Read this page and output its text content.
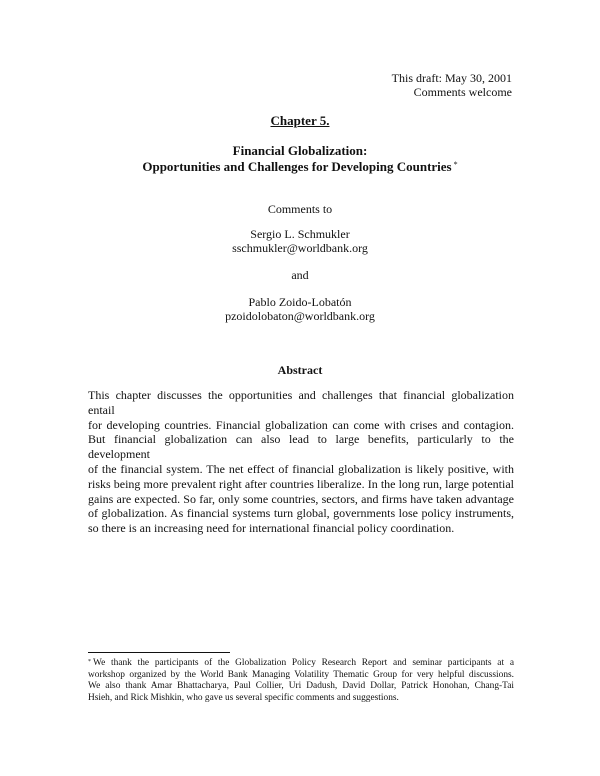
This draft: May 30, 2001
Comments welcome
Chapter 5.
Financial Globalization:
Opportunities and Challenges for Developing Countries *
Comments to
Sergio L. Schmukler
sschmukler@worldbank.org
and
Pablo Zoido-Lobatón
pzoidolobaton@worldbank.org
Abstract
This chapter discusses the opportunities and challenges that financial globalization entail
for developing countries. Financial globalization can come with crises and contagion.
But financial globalization can also lead to large benefits, particularly to the development
of the financial system. The net effect of financial globalization is likely positive, with
risks being more prevalent right after countries liberalize. In the long run, large potential
gains are expected. So far, only some countries, sectors, and firms have taken advantage
of globalization. As financial systems turn global, governments lose policy instruments,
so there is an increasing need for international financial policy coordination.
* We thank the participants of the Globalization Policy Research Report and seminar participants at a
workshop organized by the World Bank Managing Volatility Thematic Group for very helpful discussions.
We also thank Amar Bhattacharya, Paul Collier, Uri Dadush, David Dollar, Patrick Honohan, Chang-Tai
Hsieh, and Rick Mishkin, who gave us several specific comments and suggestions.
